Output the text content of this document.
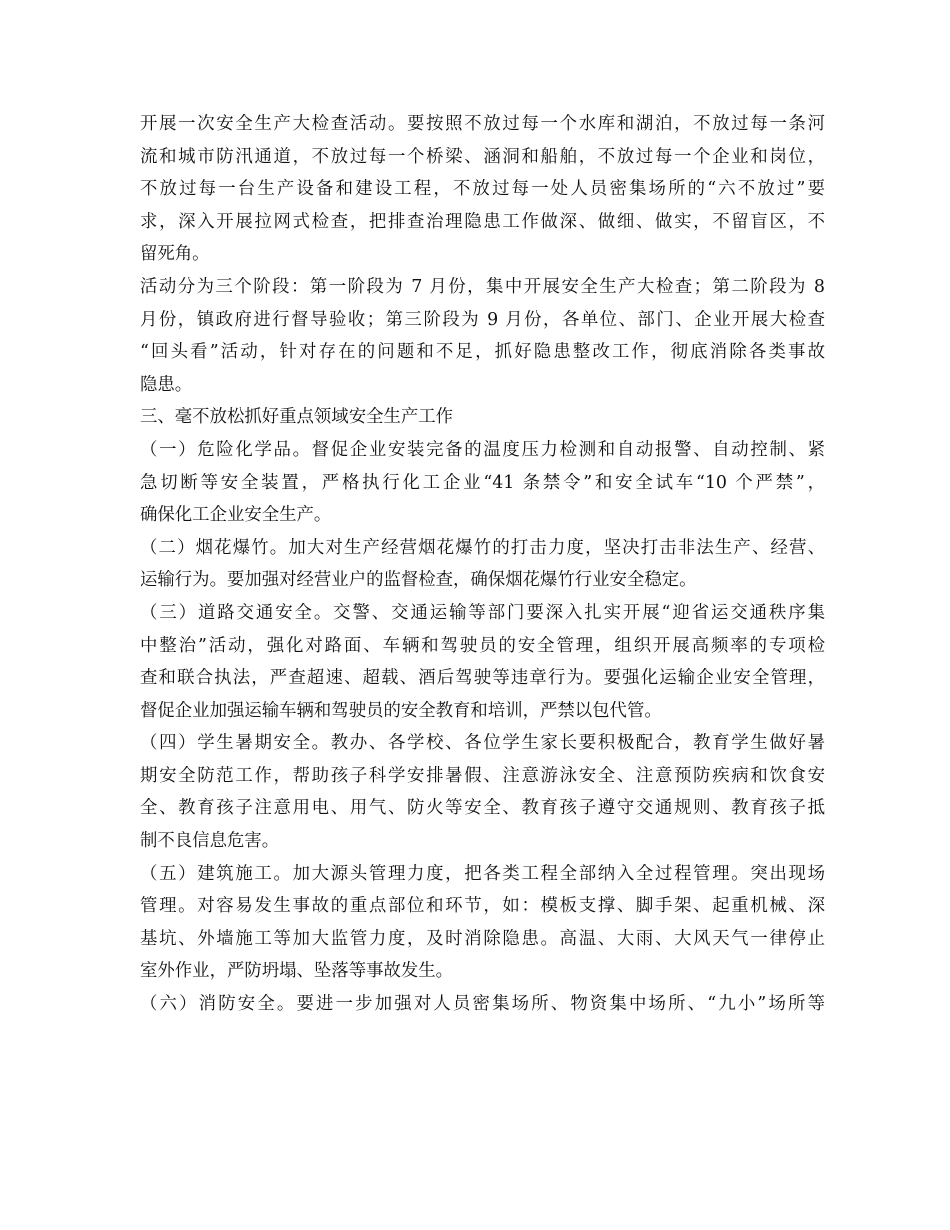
开展一次安全生产大检查活动。要按照不放过每一个水库和湖泊，不放过每一条河
流和城市防汛通道，不放过每一个桥梁、涵洞和船舶，不放过每一个企业和岗位，
不放过每一台生产设备和建设工程，不放过每一处人员密集场所的“六不放过”要
求，深入开展拉网式检查，把排查治理隐患工作做深、做细、做实，不留盲区，不
留死角。
活动分为三个阶段：第一阶段为 7 月份，集中开展安全生产大检查；第二阶段为 8
月份，镇政府进行督导验收；第三阶段为 9 月份，各单位、部门、企业开展大检查
“回头看”活动，针对存在的问题和不足，抓好隐患整改工作，彻底消除各类事故
隐患。
三、毫不放松抓好重点领域安全生产工作
（一）危险化学品。督促企业安装完备的温度压力检测和自动报警、自动控制、紧
急切断等安全装置，严格执行化工企业“41 条禁令”和安全试车“10 个严禁”，
确保化工企业安全生产。
（二）烟花爆竹。加大对生产经营烟花爆竹的打击力度，坚决打击非法生产、经营、
运输行为。要加强对经营业户的监督检查，确保烟花爆竹行业安全稳定。
（三）道路交通安全。交警、交通运输等部门要深入扎实开展“迎省运交通秩序集
中整治”活动，强化对路面、车辆和驾驶员的安全管理，组织开展高频率的专项检
查和联合执法，严查超速、超载、酒后驾驶等违章行为。要强化运输企业安全管理，
督促企业加强运输车辆和驾驶员的安全教育和培训，严禁以包代管。
（四）学生暑期安全。教办、各学校、各位学生家长要积极配合，教育学生做好暑
期安全防范工作，帮助孩子科学安排暑假、注意游泳安全、注意预防疾病和饮食安
全、教育孩子注意用电、用气、防火等安全、教育孩子遵守交通规则、教育孩子抵
制不良信息危害。
（五）建筑施工。加大源头管理力度，把各类工程全部纳入全过程管理。突出现场
管理。对容易发生事故的重点部位和环节，如：模板支撑、脚手架、起重机械、深
基坑、外墙施工等加大监管力度，及时消除隐患。高温、大雨、大风天气一律停止
室外作业，严防坍塌、坠落等事故发生。
（六）消防安全。要进一步加强对人员密集场所、物资集中场所、“九小”场所等
